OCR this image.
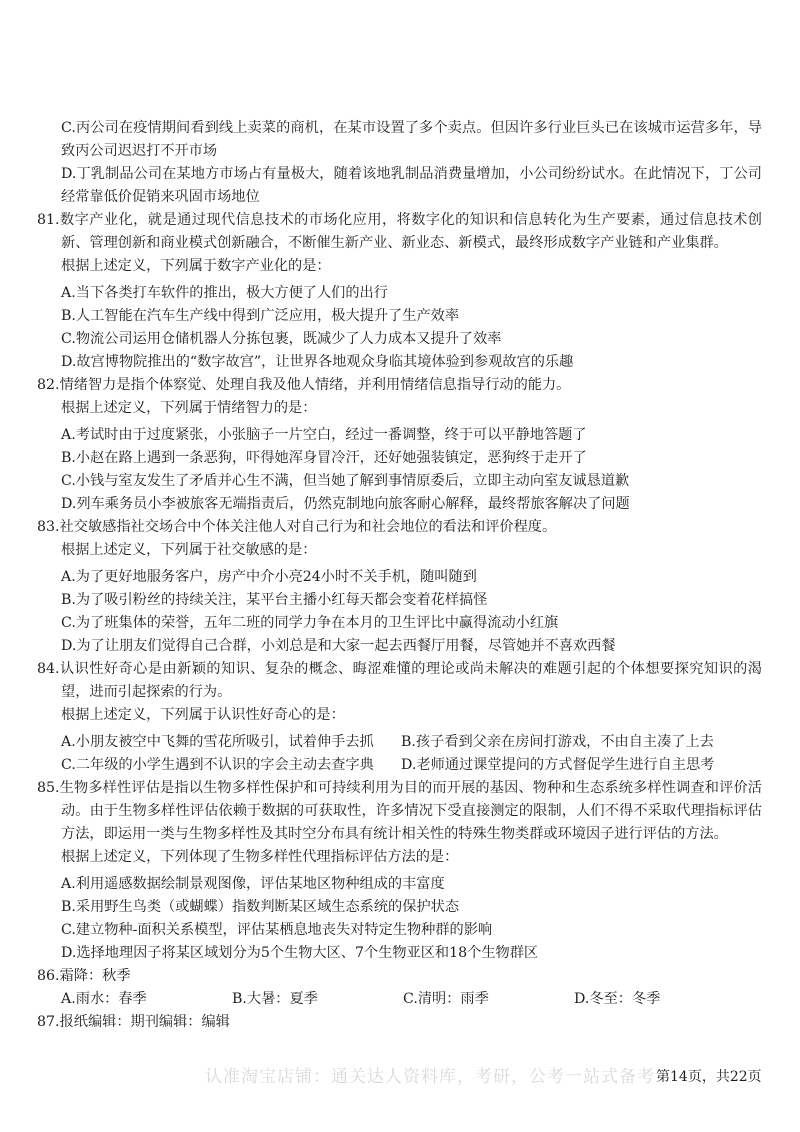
C.丙公司在疫情期间看到线上卖菜的商机，在某市设置了多个卖点。但因许多行业巨头已在该城市运营多年，导致丙公司迟迟打不开市场
D.丁乳制品公司在某地方市场占有量极大，随着该地乳制品消费量增加，小公司纷纷试水。在此情况下，丁公司经常靠低价促销来巩固市场地位
81.数字产业化，就是通过现代信息技术的市场化应用，将数字化的知识和信息转化为生产要素，通过信息技术创新、管理创新和商业模式创新融合，不断催生新产业、新业态、新模式，最终形成数字产业链和产业集群。
根据上述定义，下列属于数字产业化的是：
A.当下各类打车软件的推出，极大方便了人们的出行
B.人工智能在汽车生产线中得到广泛应用，极大提升了生产效率
C.物流公司运用仓储机器人分拣包裹，既减少了人力成本又提升了效率
D.故宫博物院推出的“数字故宫”，让世界各地观众身临其境体验到参观故宫的乐趣
82.情绪智力是指个体察觉、处理自我及他人情绪，并利用情绪信息指导行动的能力。
根据上述定义，下列属于情绪智力的是：
A.考试时由于过度紧张，小张脑子一片空白，经过一番调整，终于可以平静地答题了
B.小赵在路上遇到一条恶狗，吓得她浑身冒冷汗，还好她强装镇定，恶狗终于走开了
C.小钱与室友发生了矛盾并心生不满，但当她了解到事情原委后，立即主动向室友诚恳道歉
D.列车乘务员小李被旅客无端指责后，仍然克制地向旅客耐心解释，最终帮旅客解决了问题
83.社交敏感指社交场合中个体关注他人对自己行为和社会地位的看法和评价程度。
根据上述定义，下列属于社交敏感的是：
A.为了更好地服务客户，房产中介小亮24小时不关手机，随叫随到
B.为了吸引粉丝的持续关注，某平台主播小红每天都会变着花样搞怪
C.为了班集体的荣誉，五年二班的同学力争在本月的卫生评比中赢得流动小红旗
D.为了让朋友们觉得自己合群，小刘总是和大家一起去西餐厅用餐，尽管她并不喜欢西餐
84.认识性好奇心是由新颖的知识、复杂的概念、晦涩难懂的理论或尚未解决的难题引起的个体想要探究知识的渴望，进而引起探索的行为。
根据上述定义，下列属于认识性好奇心的是：
A.小朋友被空中飞舞的雪花所吸引，试着伸手去抓	B.孩子看到父亲在房间打游戏，不由自主凑了上去
C.二年级的小学生遇到不认识的字会主动去查字典	D.老师通过课堂提问的方式督促学生进行自主思考
85.生物多样性评估是指以生物多样性保护和可持续利用为目的而开展的基因、物种和生态系统多样性调查和评价活动。由于生物多样性评估依赖于数据的可获取性，许多情况下受直接测定的限制，人们不得不采取代理指标评估方法，即运用一类与生物多样性及其时空分布具有统计相关性的特殊生物类群或环境因子进行评估的方法。
根据上述定义，下列体现了生物多样性代理指标评估方法的是：
A.利用遥感数据绘制景观图像，评估某地区物种组成的丰富度
B.采用野生鸟类（或蝴蝶）指数判断某区域生态系统的保护状态
C.建立物种-面积关系模型，评估某栖息地丧失对特定生物种群的影响
D.选择地理因子将某区域划分为5个生物大区、7个生物亚区和18个生物群区
86.霜降：秋季
A.雨水：春季	B.大暑：夏季	C.清明：雨季	D.冬至：冬季
87.报纸编辑：期刊编辑：编辑
认准淘宝店铺：通关达人资料库，考研，公考一站式备考 第14页，共22页
